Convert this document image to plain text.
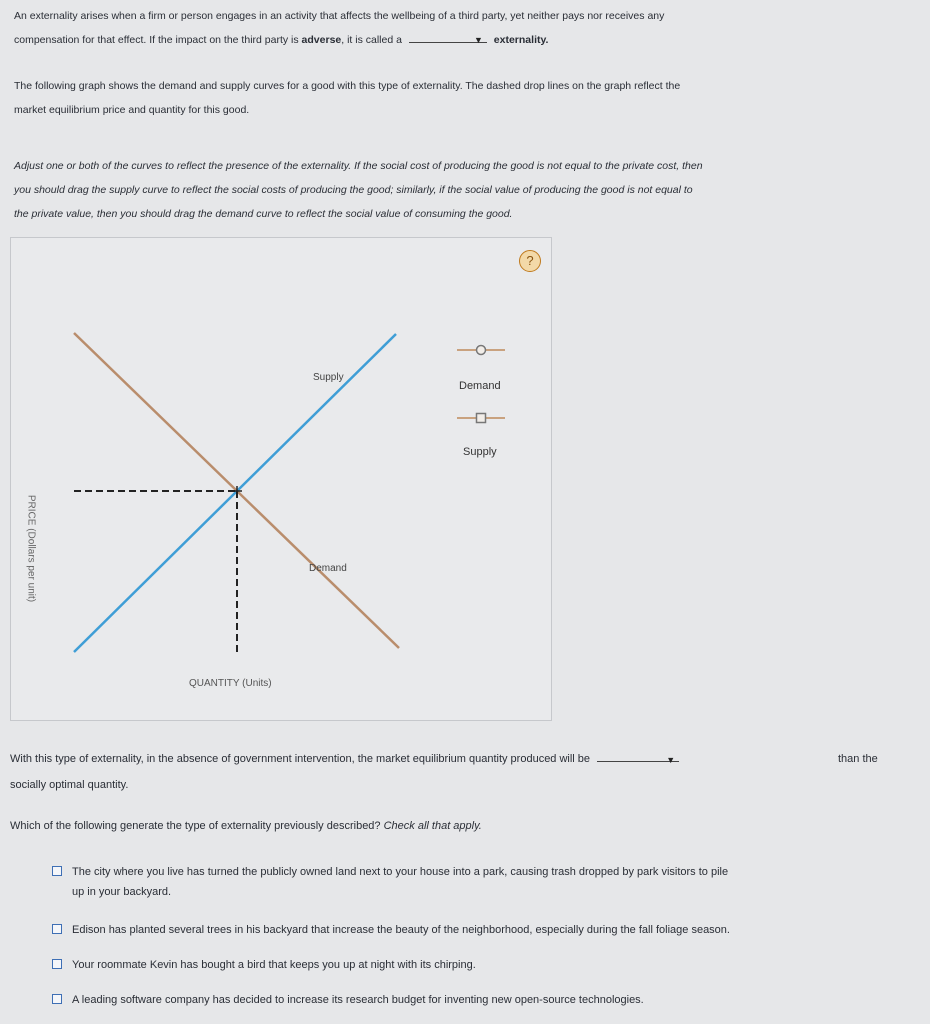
An externality arises when a firm or person engages in an activity that affects the wellbeing of a third party, yet neither pays nor receives any
compensation for that effect. If the impact on the third party is adverse, it is called a	▼ externality.
The following graph shows the demand and supply curves for a good with this type of externality. The dashed drop lines on the graph reflect the
market equilibrium price and quantity for this good.
Adjust one or both of the curves to reflect the presence of the externality. If the social cost of producing the good is not equal to the private cost, then
you should drag the supply curve to reflect the social costs of producing the good; similarly, if the social value of producing the good is not equal to
the private value, then you should drag the demand curve to reflect the social value of consuming the good.
?
Demand
Supply
PRICE (Dollars per unit)
QUANTITY (Units)
Supply
Demand
With this type of externality, in the absence of government intervention, the market equilibrium quantity produced will be	▼	than the

socially optimal quantity.
Which of the following generate the type of externality previously described? Check all that apply.
The city where you live has turned the publicly owned land next to your house into a park, causing trash dropped by park visitors to pile
up in your backyard.
Edison has planted several trees in his backyard that increase the beauty of the neighborhood, especially during the fall foliage season.
Your roommate Kevin has bought a bird that keeps you up at night with its chirping.
A leading software company has decided to increase its research budget for inventing new open-source technologies.
